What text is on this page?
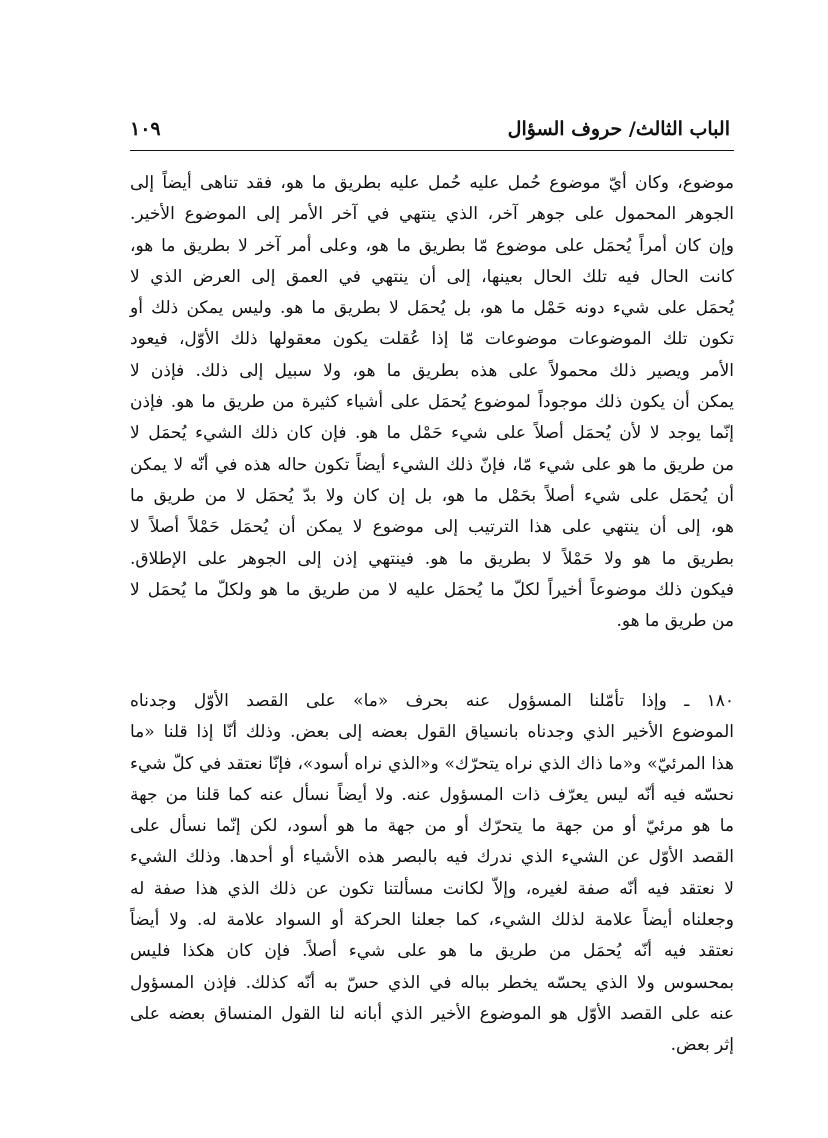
الباب الثالث/ حروف السؤال
١٠٩
موضوع، وكان أيّ موضوع حُمل عليه حُمل عليه بطريق ما هو، فقد تناهى أيضاً إلى
الجوهر المحمول على جوهر آخر، الذي ينتهي في آخر الأمر إلى الموضوع الأخير.
وإن كان أمراً يُحمَل على موضوع مّا بطريق ما هو، وعلى أمر آخر لا بطريق ما هو،
كانت الحال فيه تلك الحال بعينها، إلى أن ينتهي في العمق إلى العرض الذي لا
يُحمَل على شيء دونه حَمْل ما هو، بل يُحمَل لا بطريق ما هو. وليس يمكن ذلك أو
تكون تلك الموضوعات موضوعات مّا إذا عُقلت يكون معقولها ذلك الأوّل، فيعود
الأمر ويصير ذلك محمولاً على هذه بطريق ما هو، ولا سبيل إلى ذلك. فإذن لا
يمكن أن يكون ذلك موجوداً لموضوع يُحمَل على أشياء كثيرة من طريق ما هو. فإذن
إنّما يوجد لا لأن يُحمَل أصلاً على شيء حَمْل ما هو. فإن كان ذلك الشيء يُحمَل لا
من طريق ما هو على شيء مّا، فإنّ ذلك الشيء أيضاً تكون حاله هذه في أنّه لا يمكن
أن يُحمَل على شيء أصلاً بحَمْل ما هو، بل إن كان ولا بدّ يُحمَل لا من طريق ما
هو، إلى أن ينتهي على هذا الترتيب إلى موضوع لا يمكن أن يُحمَل حَمْلاً أصلاً لا
بطريق ما هو ولا حَمْلاً لا بطريق ما هو. فينتهي إذن إلى الجوهر على الإطلاق.
فيكون ذلك موضوعاً أخيراً لكلّ ما يُحمَل عليه لا من طريق ما هو ولكلّ ما يُحمَل لا
من طريق ما هو.
١٨٠ ـ وإذا تأمّلنا المسؤول عنه بحرف «ما» على القصد الأوّل وجدناه
الموضوع الأخير الذي وجدناه بانسياق القول بعضه إلى بعض. وذلك أنّا إذا قلنا «ما
هذا المرئيّ» و«ما ذاك الذي نراه يتحرّك» و«الذي نراه أسود»، فإنّا نعتقد في كلّ شيء
نحسّه فيه أنّه ليس يعرّف ذات المسؤول عنه. ولا أيضاً نسأل عنه كما قلنا من جهة
ما هو مرئيّ أو من جهة ما يتحرّك أو من جهة ما هو أسود، لكن إنّما نسأل على
القصد الأوّل عن الشيء الذي ندرك فيه بالبصر هذه الأشياء أو أحدها. وذلك الشيء
لا نعتقد فيه أنّه صفة لغيره، وإلاّ لكانت مسألتنا تكون عن ذلك الذي هذا صفة له
وجعلناه أيضاً علامة لذلك الشيء، كما جعلنا الحركة أو السواد علامة له. ولا أيضاً
نعتقد فيه أنّه يُحمَل من طريق ما هو على شيء أصلاً. فإن كان هكذا فليس
بمحسوس ولا الذي يحسّه يخطر بباله في الذي حسّ به أنّه كذلك. فإذن المسؤول
عنه على القصد الأوّل هو الموضوع الأخير الذي أبانه لنا القول المنساق بعضه على
إثر بعض.
